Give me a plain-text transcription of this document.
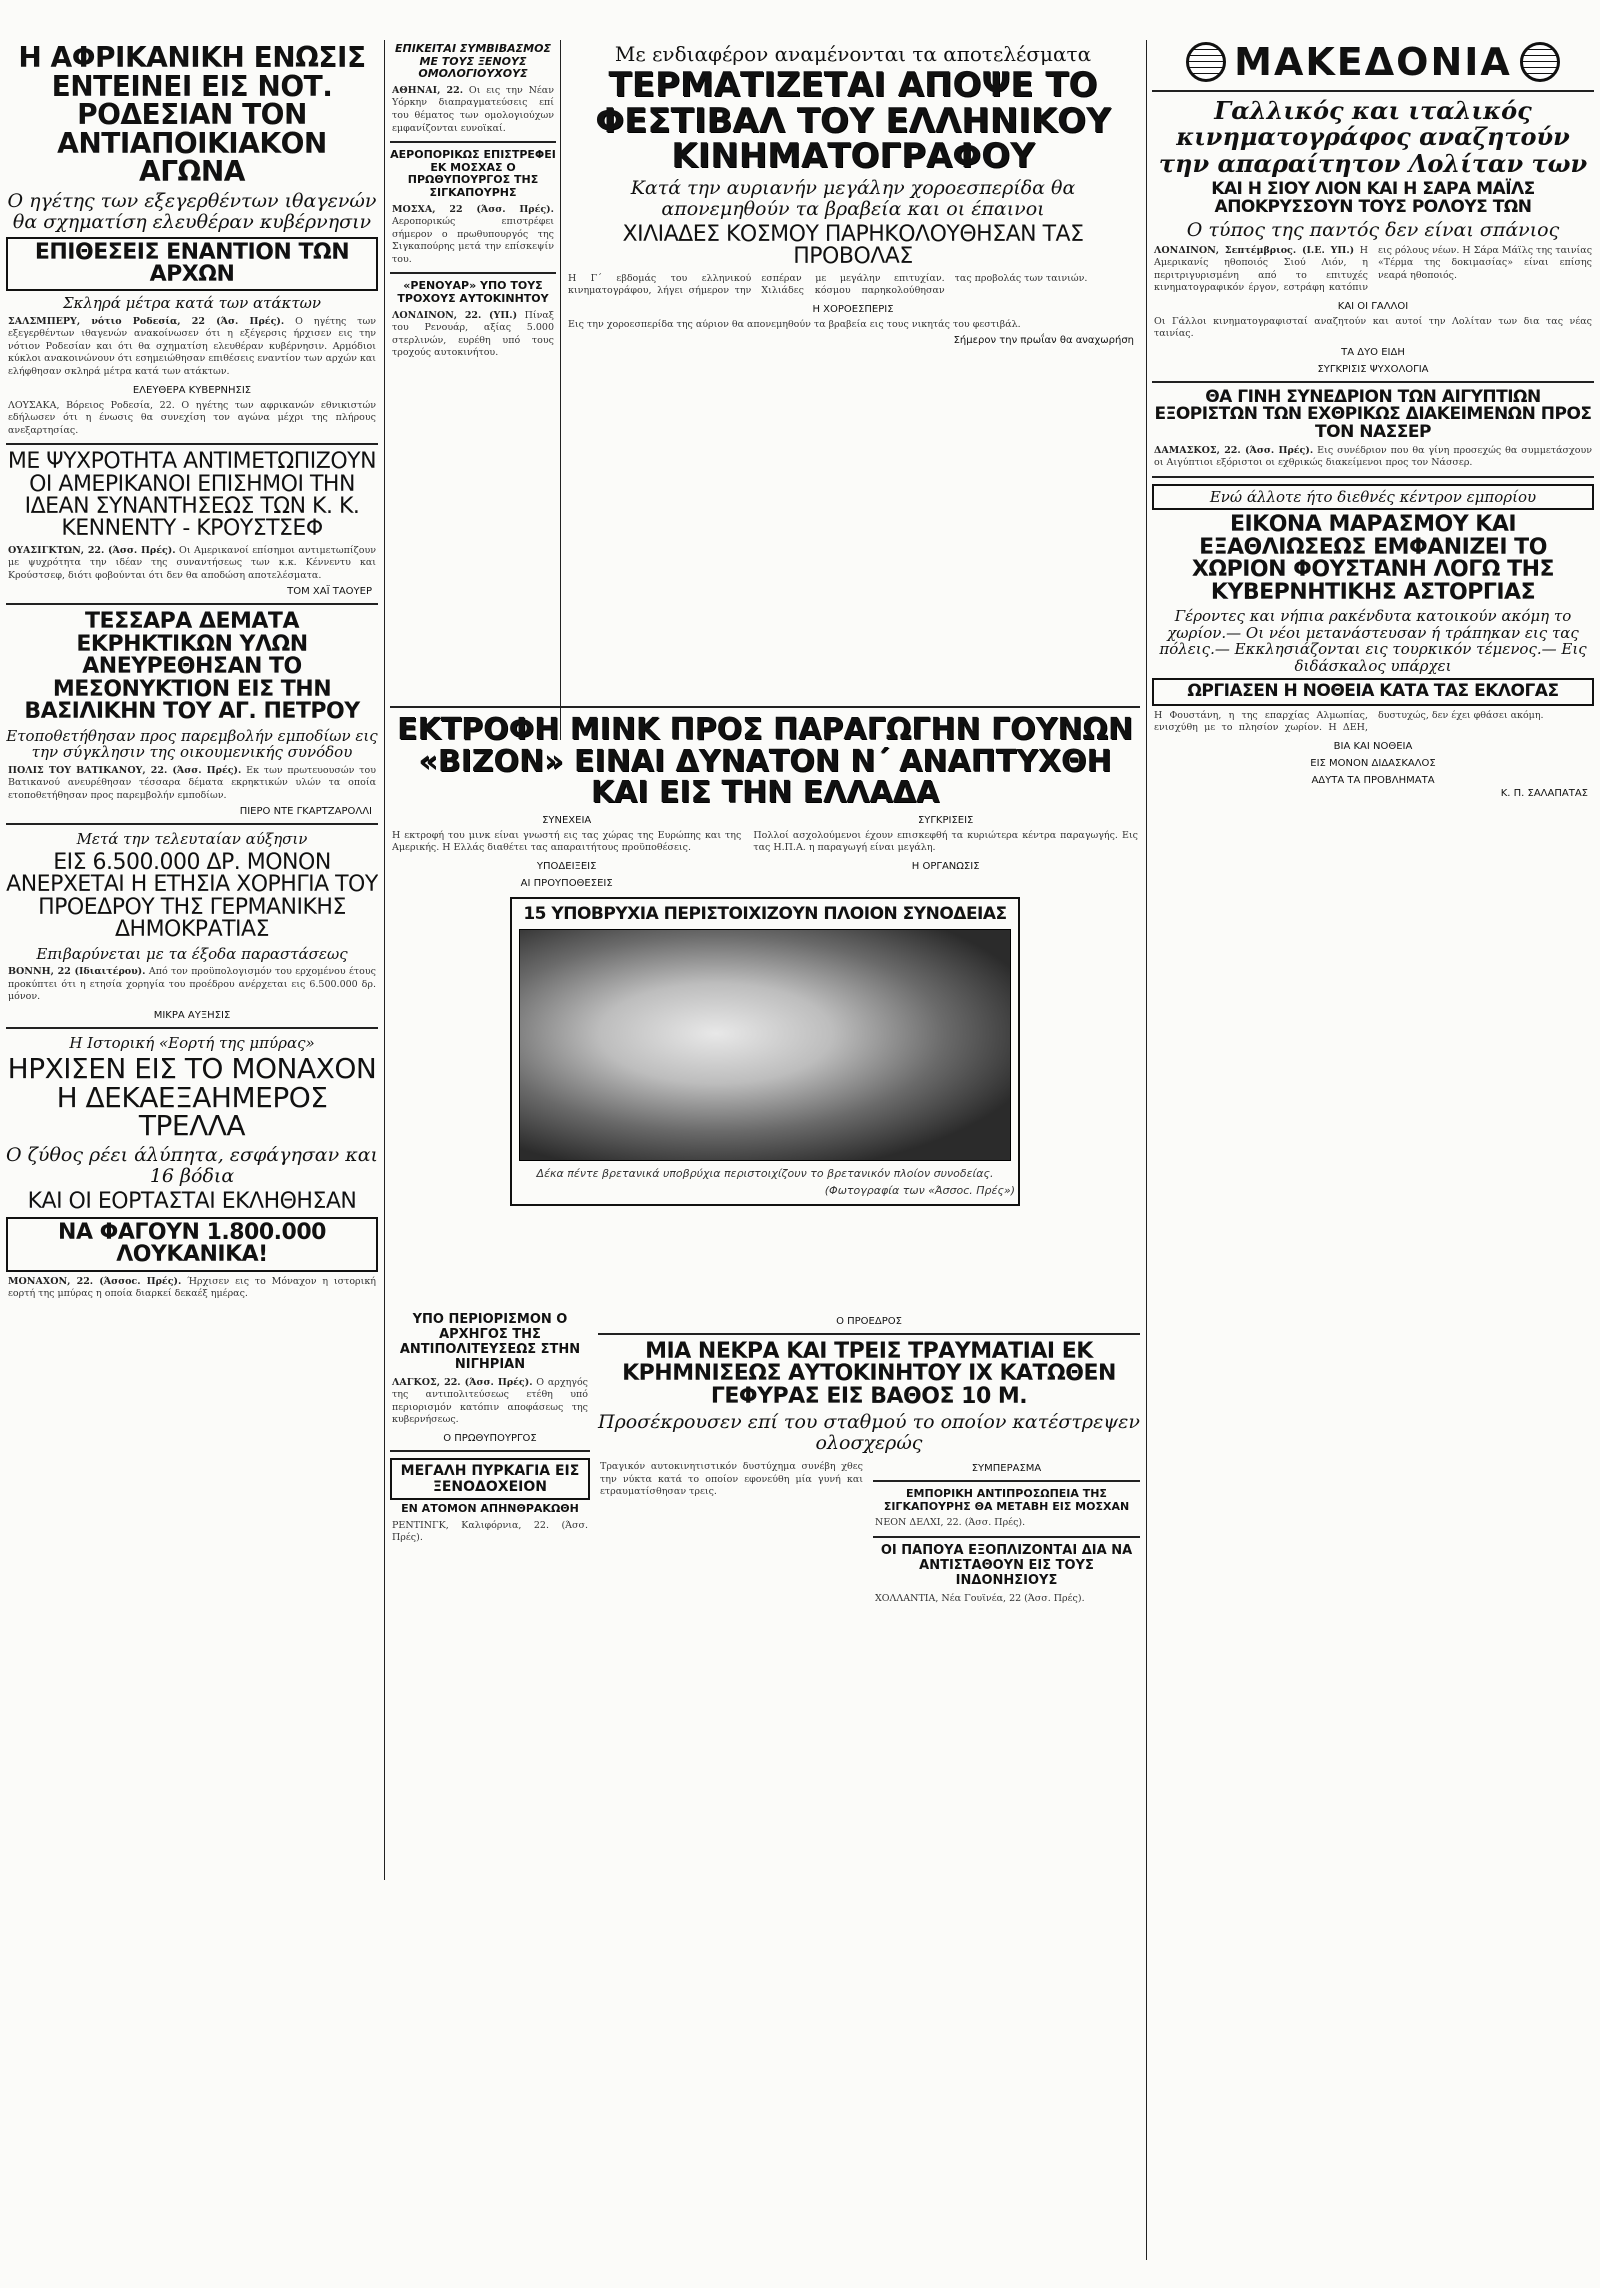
Η ΑΦΡΙΚΑΝΙΚΗ ΕΝΩΣΙΣ ΕΝΤΕΙΝΕΙ ΕΙΣ ΝΟΤ. ΡΟΔΕΣΙΑΝ ΤΟΝ ΑΝΤΙΑΠΟΙΚΙΑΚΟΝ ΑΓΩΝΑ
Ο ηγέτης των εξεγερθέντων ιθαγενών θα σχηματίση ελευθέραν κυβέρνησιν
ΕΠΙΘΕΣΕΙΣ ΕΝΑΝΤΙΟΝ ΤΩΝ ΑΡΧΩΝ
Σκληρά μέτρα κατά των ατάκτων
ΣΑΛΣΜΠΕΡΥ, νότιο Ροδεσία, 22 (Άσ. Πρές). Ο ηγέτης των εξεγερθέντων ιθαγενών ανακοίνωσεν ότι η εξέγερσις ήρχισεν εις την νότιον Ροδεσίαν και ότι θα σχηματίση ελευθέραν κυβέρνησιν. Αρμόδιοι κύκλοι ανακοινώνουν ότι εσημειώθησαν επιθέσεις εναντίον των αρχών και ελήφθησαν σκληρά μέτρα κατά των ατάκτων.
ΕΛΕΥΘΕΡΑ ΚΥΒΕΡΝΗΣΙΣ
ΛΟΥΣΑΚΑ, Βόρειος Ροδεσία, 22. Ο ηγέτης των αφρικανών εθνικιστών εδήλωσεν ότι η ένωσις θα συνεχίση τον αγώνα μέχρι της πλήρους ανεξαρτησίας.
ΜΕ ΨΥΧΡΟΤΗΤΑ ΑΝΤΙΜΕΤΩΠΙΖΟΥΝ ΟΙ ΑΜΕΡΙΚΑΝΟΙ ΕΠΙΣΗΜΟΙ ΤΗΝ ΙΔΕΑΝ ΣΥΝΑΝΤΗΣΕΩΣ ΤΩΝ Κ. Κ. ΚΕΝΝΕΝΤΥ - ΚΡΟΥΣΤΣΕΦ
ΟΥΑΣΙΓΚΤΩΝ, 22. (Άσσ. Πρές). Οι Αμερικανοί επίσημοι αντιμετωπίζουν με ψυχρότητα την ιδέαν της συναντήσεως των κ.κ. Κέννεντυ και Κρούστσεφ, διότι φοβούνται ότι δεν θα αποδώση αποτελέσματα.
ΤΟΜ ΧΑΪ ΤΑΟΥΕΡ
ΤΕΣΣΑΡΑ ΔΕΜΑΤΑ ΕΚΡΗΚΤΙΚΩΝ ΥΛΩΝ ΑΝΕΥΡΕΘΗΣΑΝ ΤΟ ΜΕΣΟΝΥΚΤΙΟΝ ΕΙΣ ΤΗΝ ΒΑΣΙΛΙΚΗΝ ΤΟΥ ΑΓ. ΠΕΤΡΟΥ
Ετοποθετήθησαν προς παρεμβολήν εμποδίων εις την σύγκλησιν της οικουμενικής συνόδου
ΠΟΛΙΣ ΤΟΥ ΒΑΤΙΚΑΝΟΥ, 22. (Άσσ. Πρές). Εκ των πρωτευουσών του Βατικανού ανευρέθησαν τέσσαρα δέματα εκρηκτικών υλών τα οποία ετοποθετήθησαν προς παρεμβολήν εμποδίων.
ΠΙΕΡΟ ΝΤΕ ΓΚΑΡΤΖΑΡΟΛΛΙ
Μετά την τελευταίαν αύξησιν
ΕΙΣ 6.500.000 ΔΡ. ΜΟΝΟΝ ΑΝΕΡΧΕΤΑΙ Η ΕΤΗΣΙΑ ΧΟΡΗΓΙΑ ΤΟΥ ΠΡΟΕΔΡΟΥ ΤΗΣ ΓΕΡΜΑΝΙΚΗΣ ΔΗΜΟΚΡΑΤΙΑΣ
Επιβαρύνεται με τα έξοδα παραστάσεως
ΒΟΝΝΗ, 22 (Ιδιαιτέρου). Από τον προϋπολογισμόν του ερχομένου έτους προκύπτει ότι η ετησία χορηγία του προέδρου ανέρχεται εις 6.500.000 δρ. μόνον.
ΜΙΚΡΑ ΑΥΞΗΣΙΣ
Η Ιστορική «Εορτή της μπύρας»
ΗΡΧΙΣΕΝ ΕΙΣ ΤΟ ΜΟΝΑΧΟΝ Η ΔΕΚΑΕΞΑΗΜΕΡΟΣ ΤΡΕΛΛΑ
Ο ζύθος ρέει άλύπητα, εσφάγησαν και 16 βόδια
ΚΑΙ ΟΙ ΕΟΡΤΑΣΤΑΙ ΕΚΛΗΘΗΣΑΝ
ΝΑ ΦΑΓΟΥΝ 1.800.000 ΛΟΥΚΑΝΙΚΑ!
ΜΟΝΑΧΟΝ, 22. (Άσσοc. Πρές). Ήρχισεν εις το Μόναχον η ιστορική εορτή της μπύρας η οποία διαρκεί δεκαέξ ημέρας.
ΕΠΙΚΕΙΤΑΙ ΣΥΜΒΙΒΑΣΜΟΣ ΜΕ ΤΟΥΣ ΞΕΝΟΥΣ ΟΜΟΛΟΓΙΟΥΧΟΥΣ
ΑΘΗΝΑΙ, 22. Οι εις την Νέαν Υόρκην διαπραγματεύσεις επί του θέματος των ομολογιούχων εμφανίζονται ευνοϊκαί.
ΑΕΡΟΠΟΡΙΚΩΣ ΕΠΙΣΤΡΕΦΕΙ ΕΚ ΜΟΣΧΑΣ Ο ΠΡΩΘΥΠΟΥΡΓΟΣ ΤΗΣ ΣΙΓΚΑΠΟΥΡΗΣ
ΜΟΣΧΑ, 22 (Άσσ. Πρές). Αεροπορικώς επιστρέφει σήμερον ο πρωθυπουργός της Σιγκαπούρης μετά την επίσκεψίν του.
«ΡΕΝΟΥΑΡ» ΥΠΟ ΤΟΥΣ ΤΡΟΧΟΥΣ ΑΥΤΟΚΙΝΗΤΟΥ
ΛΟΝΔΙΝΟΝ, 22. (ΥΠ.) Πίναξ του Ρενουάρ, αξίας 5.000 στερλινών, ευρέθη υπό τους τροχούς αυτοκινήτου.
Με ενδιαφέρον αναμένονται τα αποτελέσματα
ΤΕΡΜΑΤΙΖΕΤΑΙ ΑΠΟΨΕ ΤΟ ΦΕΣΤΙΒΑΛ ΤΟΥ ΕΛΛΗΝΙΚΟΥ ΚΙΝΗΜΑΤΟΓΡΑΦΟΥ
Κατά την αυριανήν μεγάλην χοροεσπερίδα θα απονεμηθούν τα βραβεία και οι έπαινοι
ΧΙΛΙΑΔΕΣ ΚΟΣΜΟΥ ΠΑΡΗΚΟΛΟΥΘΗΣΑΝ ΤΑΣ ΠΡΟΒΟΛΑΣ
Η Γ΄ εβδομάς του ελληνικού κινηματογράφου, λήγει σήμερον την εσπέραν με μεγάλην επιτυχίαν. Χιλιάδες κόσμου παρηκολούθησαν τας προβολάς των ταινιών.
Η ΧΟΡΟΕΣΠΕΡΙΣ
Εις την χοροεσπερίδα της αύριον θα απονεμηθούν τα βραβεία εις τους νικητάς του φεστιβάλ.
Σήμερον την πρωΐαν θα αναχωρήση
ΕΚΤΡΟΦΗ ΜΙΝΚ ΠΡΟΣ ΠΑΡΑΓΩΓΗΝ ΓΟΥΝΩΝ «ΒΙΖΟΝ» ΕΙΝΑΙ ΔΥΝΑΤΟΝ Ν΄ ΑΝΑΠΤΥΧΘΗ ΚΑΙ ΕΙΣ ΤΗΝ ΕΛΛΑΔΑ
ΣΥΝΕΧΕΙΑ
Η εκτροφή του μινκ είναι γνωστή εις τας χώρας της Ευρώπης και της Αμερικής. Η Ελλάς διαθέτει τας απαραιτήτους προϋποθέσεις.
ΥΠΟΔΕΙΞΕΙΣ
ΑΙ ΠΡΟΥΠΟΘΕΣΕΙΣ
ΣΥΓΚΡΙΣΕΙΣ
Πολλοί ασχολούμενοι έχουν επισκεφθή τα κυριώτερα κέντρα παραγωγής. Εις τας Η.Π.Α. η παραγωγή είναι μεγάλη.
Η ΟΡΓΑΝΩΣΙΣ
15 ΥΠΟΒΡΥΧΙΑ ΠΕΡΙΣΤΟΙΧΙΖΟΥΝ ΠΛΟΙΟΝ ΣΥΝΟΔΕΙΑΣ
Δέκα πέντε βρετανικά υποβρύχια περιστοιχίζουν το βρετανικόν πλοίον συνοδείας.
(Φωτογραφία των «Άσσοc. Πρές»)
ΥΠΟ ΠΕΡΙΟΡΙΣΜΟΝ Ο ΑΡΧΗΓΟΣ ΤΗΣ ΑΝΤΙΠΟΛΙΤΕΥΣΕΩΣ ΣΤΗΝ ΝΙΓΗΡΙΑΝ
ΛΑΓΚΟΣ, 22. (Άσσ. Πρές). Ο αρχηγός της αντιπολιτεύσεως ετέθη υπό περιορισμόν κατόπιν αποφάσεως της κυβερνήσεως.
Ο ΠΡΩΘΥΠΟΥΡΓΟΣ
ΜΕΓΑΛΗ ΠΥΡΚΑΓΙΑ ΕΙΣ ΞΕΝΟΔΟΧΕΙΟΝ
ΕΝ ΑΤΟΜΟΝ ΑΠΗΝΘΡΑΚΩΘΗ
ΡΕΝΤΙΝΓΚ, Καλιφόρνια, 22. (Άσσ. Πρές).
Ο ΠΡΟΕΔΡΟΣ
ΜΙΑ ΝΕΚΡΑ ΚΑΙ ΤΡΕΙΣ ΤΡΑΥΜΑΤΙΑΙ ΕΚ ΚΡΗΜΝΙΣΕΩΣ ΑΥΤΟΚΙΝΗΤΟΥ ΙΧ ΚΑΤΩΘΕΝ ΓΕΦΥΡΑΣ ΕΙΣ ΒΑΘΟΣ 10 Μ.
Προσέκρουσεν επί του σταθμού το οποίον κατέστρεψεν ολοσχερώς
Τραγικόν αυτοκινητιστικόν δυστύχημα συνέβη χθες την νύκτα κατά το οποίον εφονεύθη μία γυνή και ετραυματίσθησαν τρεις.
ΣΥΜΠΕΡΑΣΜΑ
ΕΜΠΟΡΙΚΗ ΑΝΤΙΠΡΟΣΩΠΕΙΑ ΤΗΣ ΣΙΓΚΑΠΟΥΡΗΣ ΘΑ ΜΕΤΑΒΗ ΕΙΣ ΜΟΣΧΑΝ
ΝΕΟΝ ΔΕΛΧΙ, 22. (Άσσ. Πρές).
ΟΙ ΠΑΠΟΥΑ ΕΞΟΠΛΙΖΟΝΤΑΙ ΔΙΑ ΝΑ ΑΝΤΙΣΤΑΘΟΥΝ ΕΙΣ ΤΟΥΣ ΙΝΔΟΝΗΣΙΟΥΣ
ΧΟΛΛΑΝΤΙΑ, Νέα Γουϊνέα, 22 (Άσσ. Πρές).
ΜΑΚΕΔΟΝΙΑ
Γαλλικός και ιταλικός κινηματογράφος αναζητούν την απαραίτητον Λολίταν των
ΚΑΙ Η ΣΙΟΥ ΛΙΟΝ ΚΑΙ Η ΣΑΡΑ ΜΑΪΛΣ ΑΠΟΚΡΥΣΣΟΥΝ ΤΟΥΣ ΡΟΛΟΥΣ ΤΩΝ
Ο τύπος της παντός δεν είναι σπάνιος
ΛΟΝΔΙΝΟΝ, Σεπτέμβριος. (Ι.Ε. ΥΠ.) Η Αμερικανίς ηθοποιός Σιού Λιόν, η περιτριγυρισμένη από το επιτυχές κινηματογραφικόν έργον, εστράφη κατόπιν εις ρόλους νέων. Η Σάρα Μάϊλς της ταινίας «Τέρμα της δοκιμασίας» είναι επίσης νεαρά ηθοποιός.
ΚΑΙ ΟΙ ΓΑΛΛΟΙ
Οι Γάλλοι κινηματογραφισταί αναζητούν και αυτοί την Λολίταν των δια τας νέας ταινίας.
ΤΑ ΔΥΟ ΕΙΔΗ
ΣΥΓΚΡΙΣΙΣ ΨΥΧΟΛΟΓΙΑ
ΘΑ ΓΙΝΗ ΣΥΝΕΔΡΙΟΝ ΤΩΝ ΑΙΓΥΠΤΙΩΝ ΕΞΟΡΙΣΤΩΝ ΤΩΝ ΕΧΘΡΙΚΩΣ ΔΙΑΚΕΙΜΕΝΩΝ ΠΡΟΣ ΤΟΝ ΝΑΣΣΕΡ
ΔΑΜΑΣΚΟΣ, 22. (Άσσ. Πρές). Εις συνέδριον που θα γίνη προσεχώς θα συμμετάσχουν οι Αιγύπτιοι εξόριστοι οι εχθρικώς διακείμενοι προς τον Νάσσερ.
Ενώ άλλοτε ήτο διεθνές κέντρον εμπορίου
ΕΙΚΟΝΑ ΜΑΡΑΣΜΟΥ ΚΑΙ ΕΞΑΘΛΙΩΣΕΩΣ ΕΜΦΑΝΙΖΕΙ ΤΟ ΧΩΡΙΟΝ ΦΟΥΣΤΑΝΗ ΛΟΓΩ ΤΗΣ ΚΥΒΕΡΝΗΤΙΚΗΣ ΑΣΤΟΡΓΙΑΣ
Γέροντες και νήπια ρακένδυτα κατοικούν ακόμη το χωρίον.— Οι νέοι μετανάστευσαν ή τράπηκαν εις τας πόλεις.— Εκκλησιάζονται εις τουρκικόν τέμενος.— Εις διδάσκαλος υπάρχει
ΩΡΓΙΑΣΕΝ Η ΝΟΘΕΙΑ ΚΑΤΑ ΤΑΣ ΕΚΛΟΓΑΣ
Η Φουστάνη, η της επαρχίας Αλμωπίας, ενισχύθη με το πλησίον χωρίον. Η ΔΕΗ, δυστυχώς, δεν έχει φθάσει ακόμη.
ΒΙΑ ΚΑΙ ΝΟΘΕΙΑ
ΕΙΣ ΜΟΝΟΝ ΔΙΔΑΣΚΑΛΟΣ
ΑΔΥΤΑ ΤΑ ΠΡΟΒΛΗΜΑΤΑ
Κ. Π. ΣΑΛΑΠΑΤΑΣ
